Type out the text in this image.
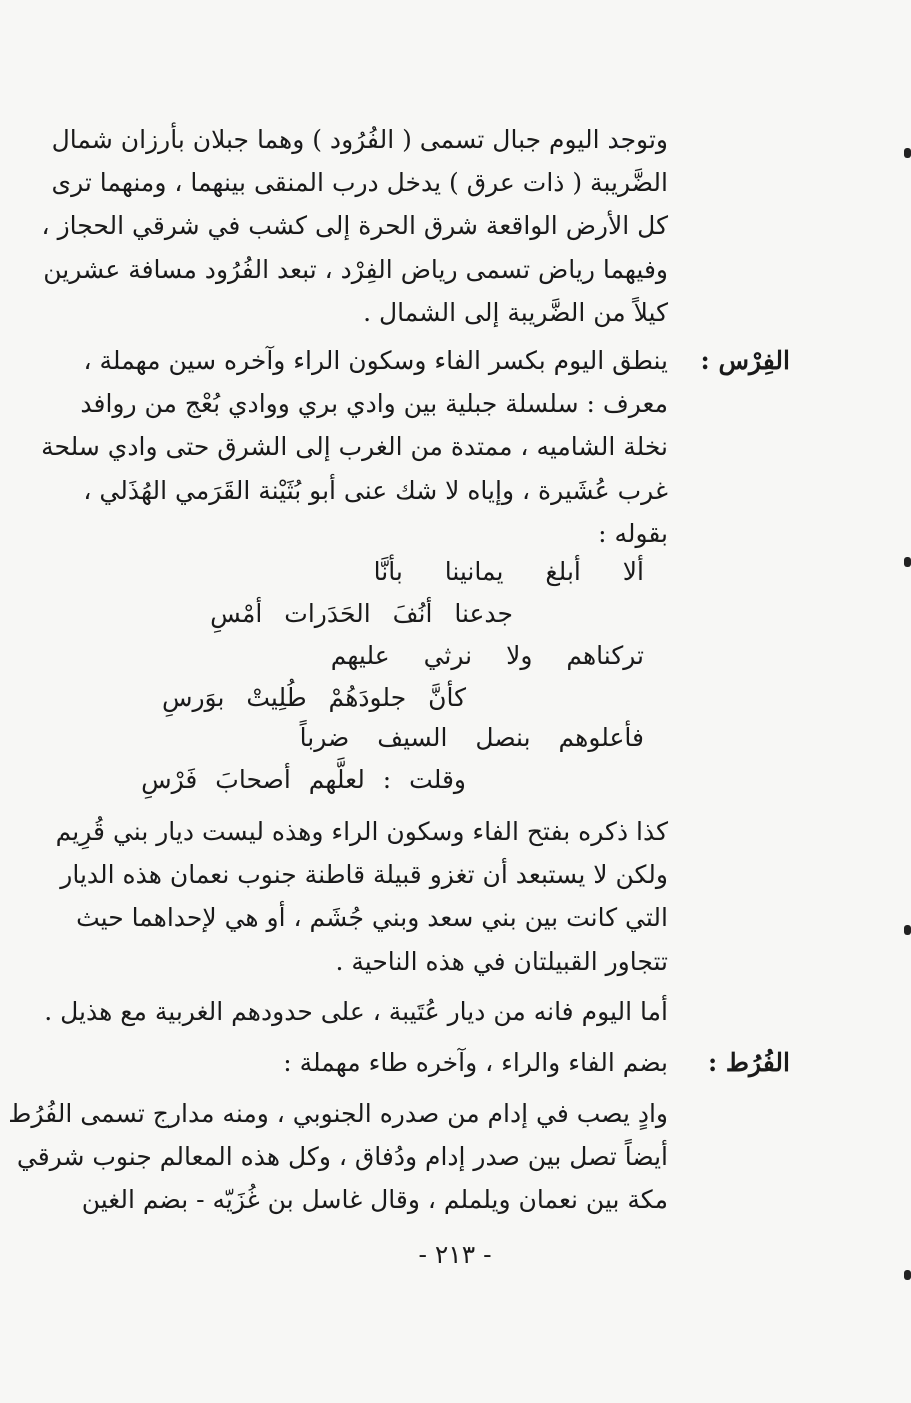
وتوجد اليوم جبال تسمى ( الفُرُود ) وهما جبلان بأرزان شمال
الضَّريبة ( ذات عرق ) يدخل درب المنقى بينهما ، ومنهما ترى
كل الأرض الواقعة شرق الحرة إلى كشب في شرقي الحجاز ،
وفيهما رياض تسمى رياض الفِرْد ، تبعد الفُرُود مسافة عشرين
كيلاً من الضَّريبة إلى الشمال .
الفِرْس :
ينطق اليوم بكسر الفاء وسكون الراء وآخره سين مهملة ،
معرف : سلسلة جبلية بين وادي بري ووادي بُعْج من روافد
نخلة الشاميه ، ممتدة من الغرب إلى الشرق حتى وادي سلحة
غرب عُشَيرة ، وإياه لا شك عنى أبو بُثَيْنة القَرَمي الهُذَلي ،
بقوله :
ألا أبلغ يمانينا بأنَّا
جدعنا أنُفَ الحَدَرات أمْسِ
تركناهم ولا نرثي عليهم
كأنَّ جلودَهُمْ طُلِيتْ بوَرسِ
فأعلوهم بنصل السيف ضرباً
وقلت : لعلَّهم أصحابَ فَرْسِ
كذا ذكره بفتح الفاء وسكون الراء وهذه ليست ديار بني قُرِيم
ولكن لا يستبعد أن تغزو قبيلة قاطنة جنوب نعمان هذه الديار
التي كانت بين بني سعد وبني جُشَم ، أو هي لإحداهما حيث
تتجاور القبيلتان في هذه الناحية .
أما اليوم فانه من ديار عُتَيبة ، على حدودهم الغربية مع هذيل .
الفُرُط :
بضم الفاء والراء ، وآخره طاء مهملة :
وادٍ يصب في إدام من صدره الجنوبي ، ومنه مدارج تسمى الفُرُط
أيضاً تصل بين صدر إدام ودُفاق ، وكل هذه المعالم جنوب شرقي
مكة بين نعمان ويلملم ، وقال غاسل بن غُزَيّه - بضم الغين
- ٢١٣ -
